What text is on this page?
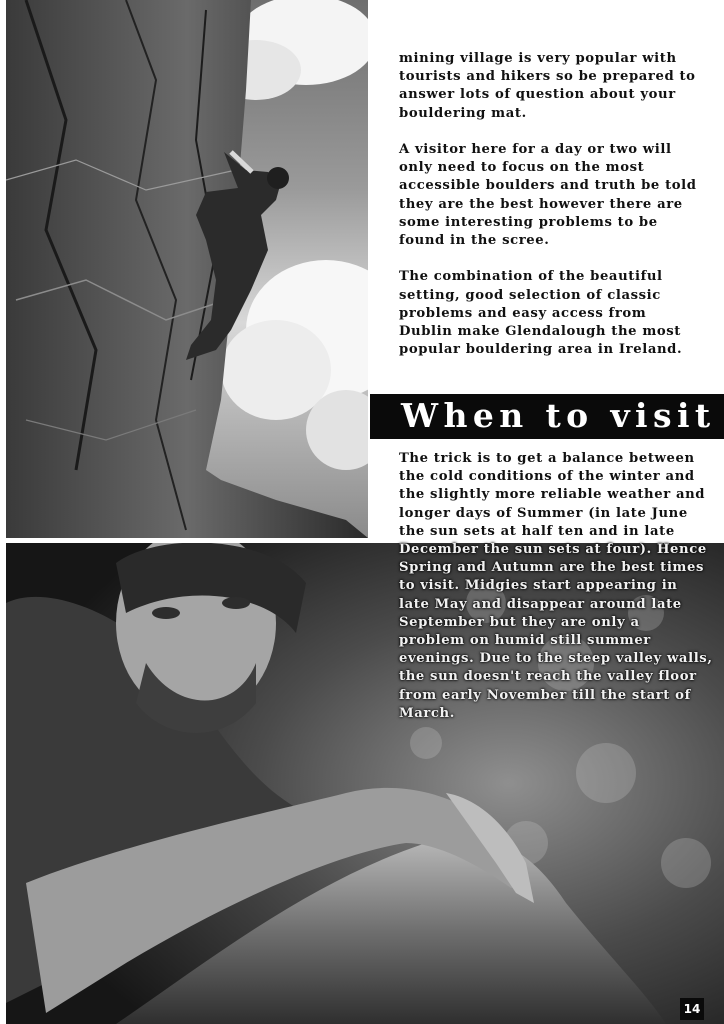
mining village is very popular with tourists and hikers so be prepared to answer lots of question about your bouldering mat.

A visitor here for a day or two will only need to focus on the most accessible boulders and truth be told they are the best however there are some interesting problems to be found in the scree.

The combination of the beautiful setting, good selection of classic problems and easy access from Dublin make Glendalough the most popular bouldering area in Ireland.

When to visit
The trick is to get a balance between
the cold conditions of the winter and
the slightly more reliable weather and
longer days of Summer (in late June
the sun sets at half ten and in late
December the sun sets at four). Hence
Spring and Autumn are the best times
to visit. Midgies start appearing in
late May and disappear around late
September but they are only a
problem on humid still summer
evenings. Due to the steep valley walls,
the sun doesn't reach the valley floor
from early November till the start of
March.
14
